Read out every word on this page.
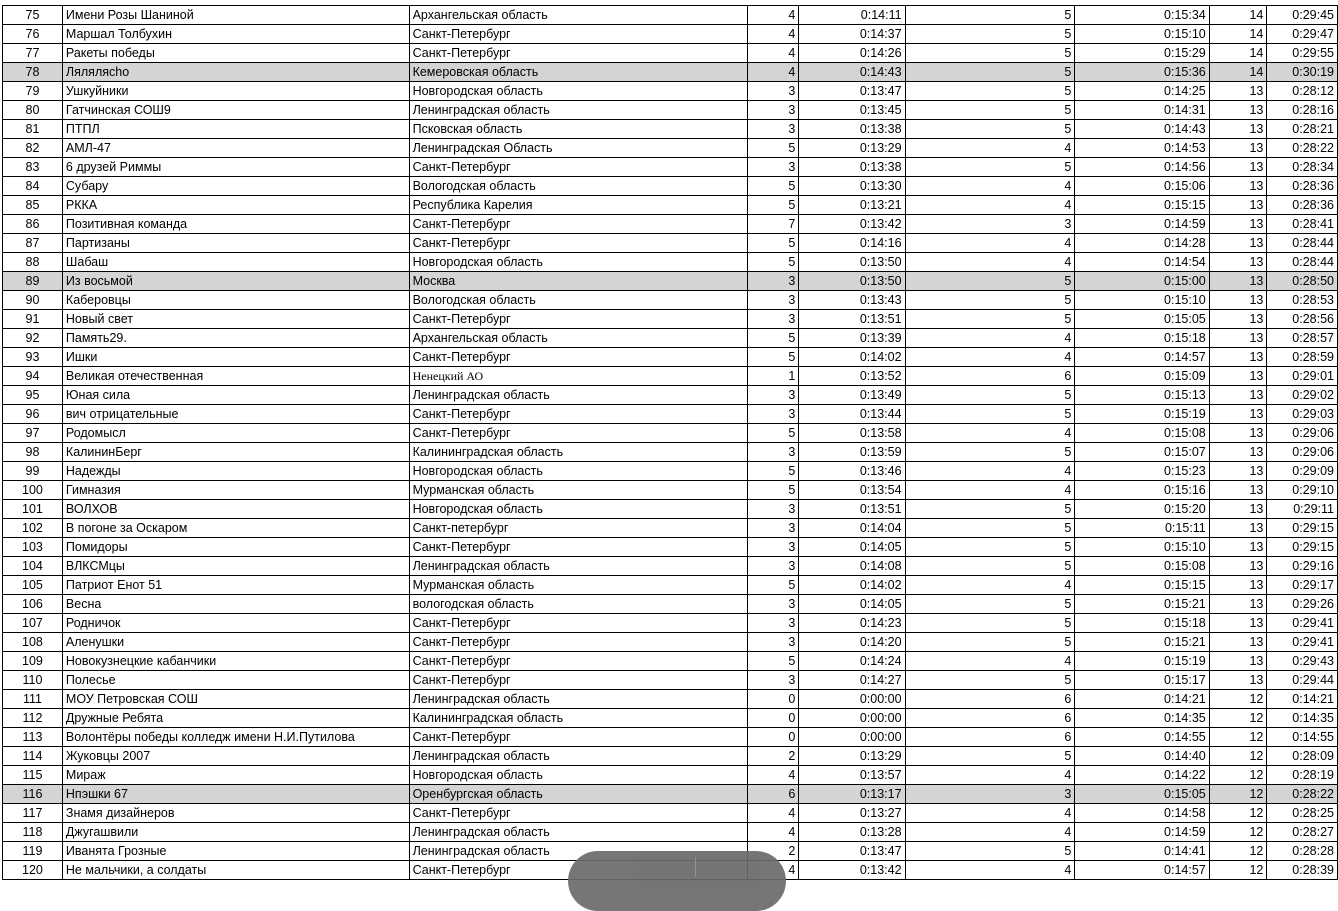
75	Имени Розы Шаниной	Архангельская область	4	0:14:11	5	0:15:34	14	0:29:45
76	Маршал Толбухин	Санкт-Петербург	4	0:14:37	5	0:15:10	14	0:29:47
77	Ракеты победы	Санкт-Петербург	4	0:14:26	5	0:15:29	14	0:29:55
78	Ляляляcho	Кемеровская область	4	0:14:43	5	0:15:36	14	0:30:19
79	Ушкуйники	Новгородская область	3	0:13:47	5	0:14:25	13	0:28:12
80	Гатчинская СОШ9	Ленинградская область	3	0:13:45	5	0:14:31	13	0:28:16
81	ПТПЛ	Псковская область	3	0:13:38	5	0:14:43	13	0:28:21
82	АМЛ-47	Ленинградская Область	5	0:13:29	4	0:14:53	13	0:28:22
83	6 друзей Риммы	Санкт-Петербург	3	0:13:38	5	0:14:56	13	0:28:34
84	Субару	Вологодская область	5	0:13:30	4	0:15:06	13	0:28:36
85	РККА	Республика Карелия	5	0:13:21	4	0:15:15	13	0:28:36
86	Позитивная команда	Санкт-Петербург	7	0:13:42	3	0:14:59	13	0:28:41
87	Партизаны	Санкт-Петербург	5	0:14:16	4	0:14:28	13	0:28:44
88	Шабаш	Новгородская область	5	0:13:50	4	0:14:54	13	0:28:44
89	Из восьмой	Москва	3	0:13:50	5	0:15:00	13	0:28:50
90	Каберовцы	Вологодская область	3	0:13:43	5	0:15:10	13	0:28:53
91	Новый свет	Санкт-Петербург	3	0:13:51	5	0:15:05	13	0:28:56
92	Память29.	Архангельская область	5	0:13:39	4	0:15:18	13	0:28:57
93	Ишки	Санкт-Петербург	5	0:14:02	4	0:14:57	13	0:28:59
94	Великая отечественная	Ненецкий АО	1	0:13:52	6	0:15:09	13	0:29:01
95	Юная сила	Ленинградская область	3	0:13:49	5	0:15:13	13	0:29:02
96	вич отрицательные	Санкт-Петербург	3	0:13:44	5	0:15:19	13	0:29:03
97	Родомысл	Санкт-Петербург	5	0:13:58	4	0:15:08	13	0:29:06
98	КалининБерг	Калининградская область	3	0:13:59	5	0:15:07	13	0:29:06
99	Надежды	Новгородская область	5	0:13:46	4	0:15:23	13	0:29:09
100	Гимназия	Мурманская область	5	0:13:54	4	0:15:16	13	0:29:10
101	ВОЛХОВ	Новгородская область	3	0:13:51	5	0:15:20	13	0:29:11
102	В погоне за Оскаром	Санкт-петербург	3	0:14:04	5	0:15:11	13	0:29:15
103	Помидоры	Санкт-Петербург	3	0:14:05	5	0:15:10	13	0:29:15
104	ВЛКСМцы	Ленинградская область	3	0:14:08	5	0:15:08	13	0:29:16
105	Патриот Енот 51	Мурманская область	5	0:14:02	4	0:15:15	13	0:29:17
106	Весна	вологодская область	3	0:14:05	5	0:15:21	13	0:29:26
107	Родничок	Санкт-Петербург	3	0:14:23	5	0:15:18	13	0:29:41
108	Аленушки	Санкт-Петербург	3	0:14:20	5	0:15:21	13	0:29:41
109	Новокузнецкие кабанчики	Санкт-Петербург	5	0:14:24	4	0:15:19	13	0:29:43
110	Полесье	Санкт-Петербург	3	0:14:27	5	0:15:17	13	0:29:44
111	МОУ Петровская СОШ	Ленинградская область	0	0:00:00	6	0:14:21	12	0:14:21
112	Дружные Ребята	Калининградская область	0	0:00:00	6	0:14:35	12	0:14:35
113	Волонтёры победы колледж имени Н.И.Путилова	Санкт-Петербург	0	0:00:00	6	0:14:55	12	0:14:55
114	Жуковцы 2007	Ленинградская область	2	0:13:29	5	0:14:40	12	0:28:09
115	Мираж	Новгородская область	4	0:13:57	4	0:14:22	12	0:28:19
116	Нпэшки 67	Оренбургская область	6	0:13:17	3	0:15:05	12	0:28:22
117	Знамя дизайнеров	Санкт-Петербург	4	0:13:27	4	0:14:58	12	0:28:25
118	Джугашвили	Ленинградская область	4	0:13:28	4	0:14:59	12	0:28:27
119	Иванята Грозные	Ленинградская область	2	0:13:47	5	0:14:41	12	0:28:28
120	Не мальчики, а солдаты	Санкт-Петербург	4	0:13:42	4	0:14:57	12	0:28:39
